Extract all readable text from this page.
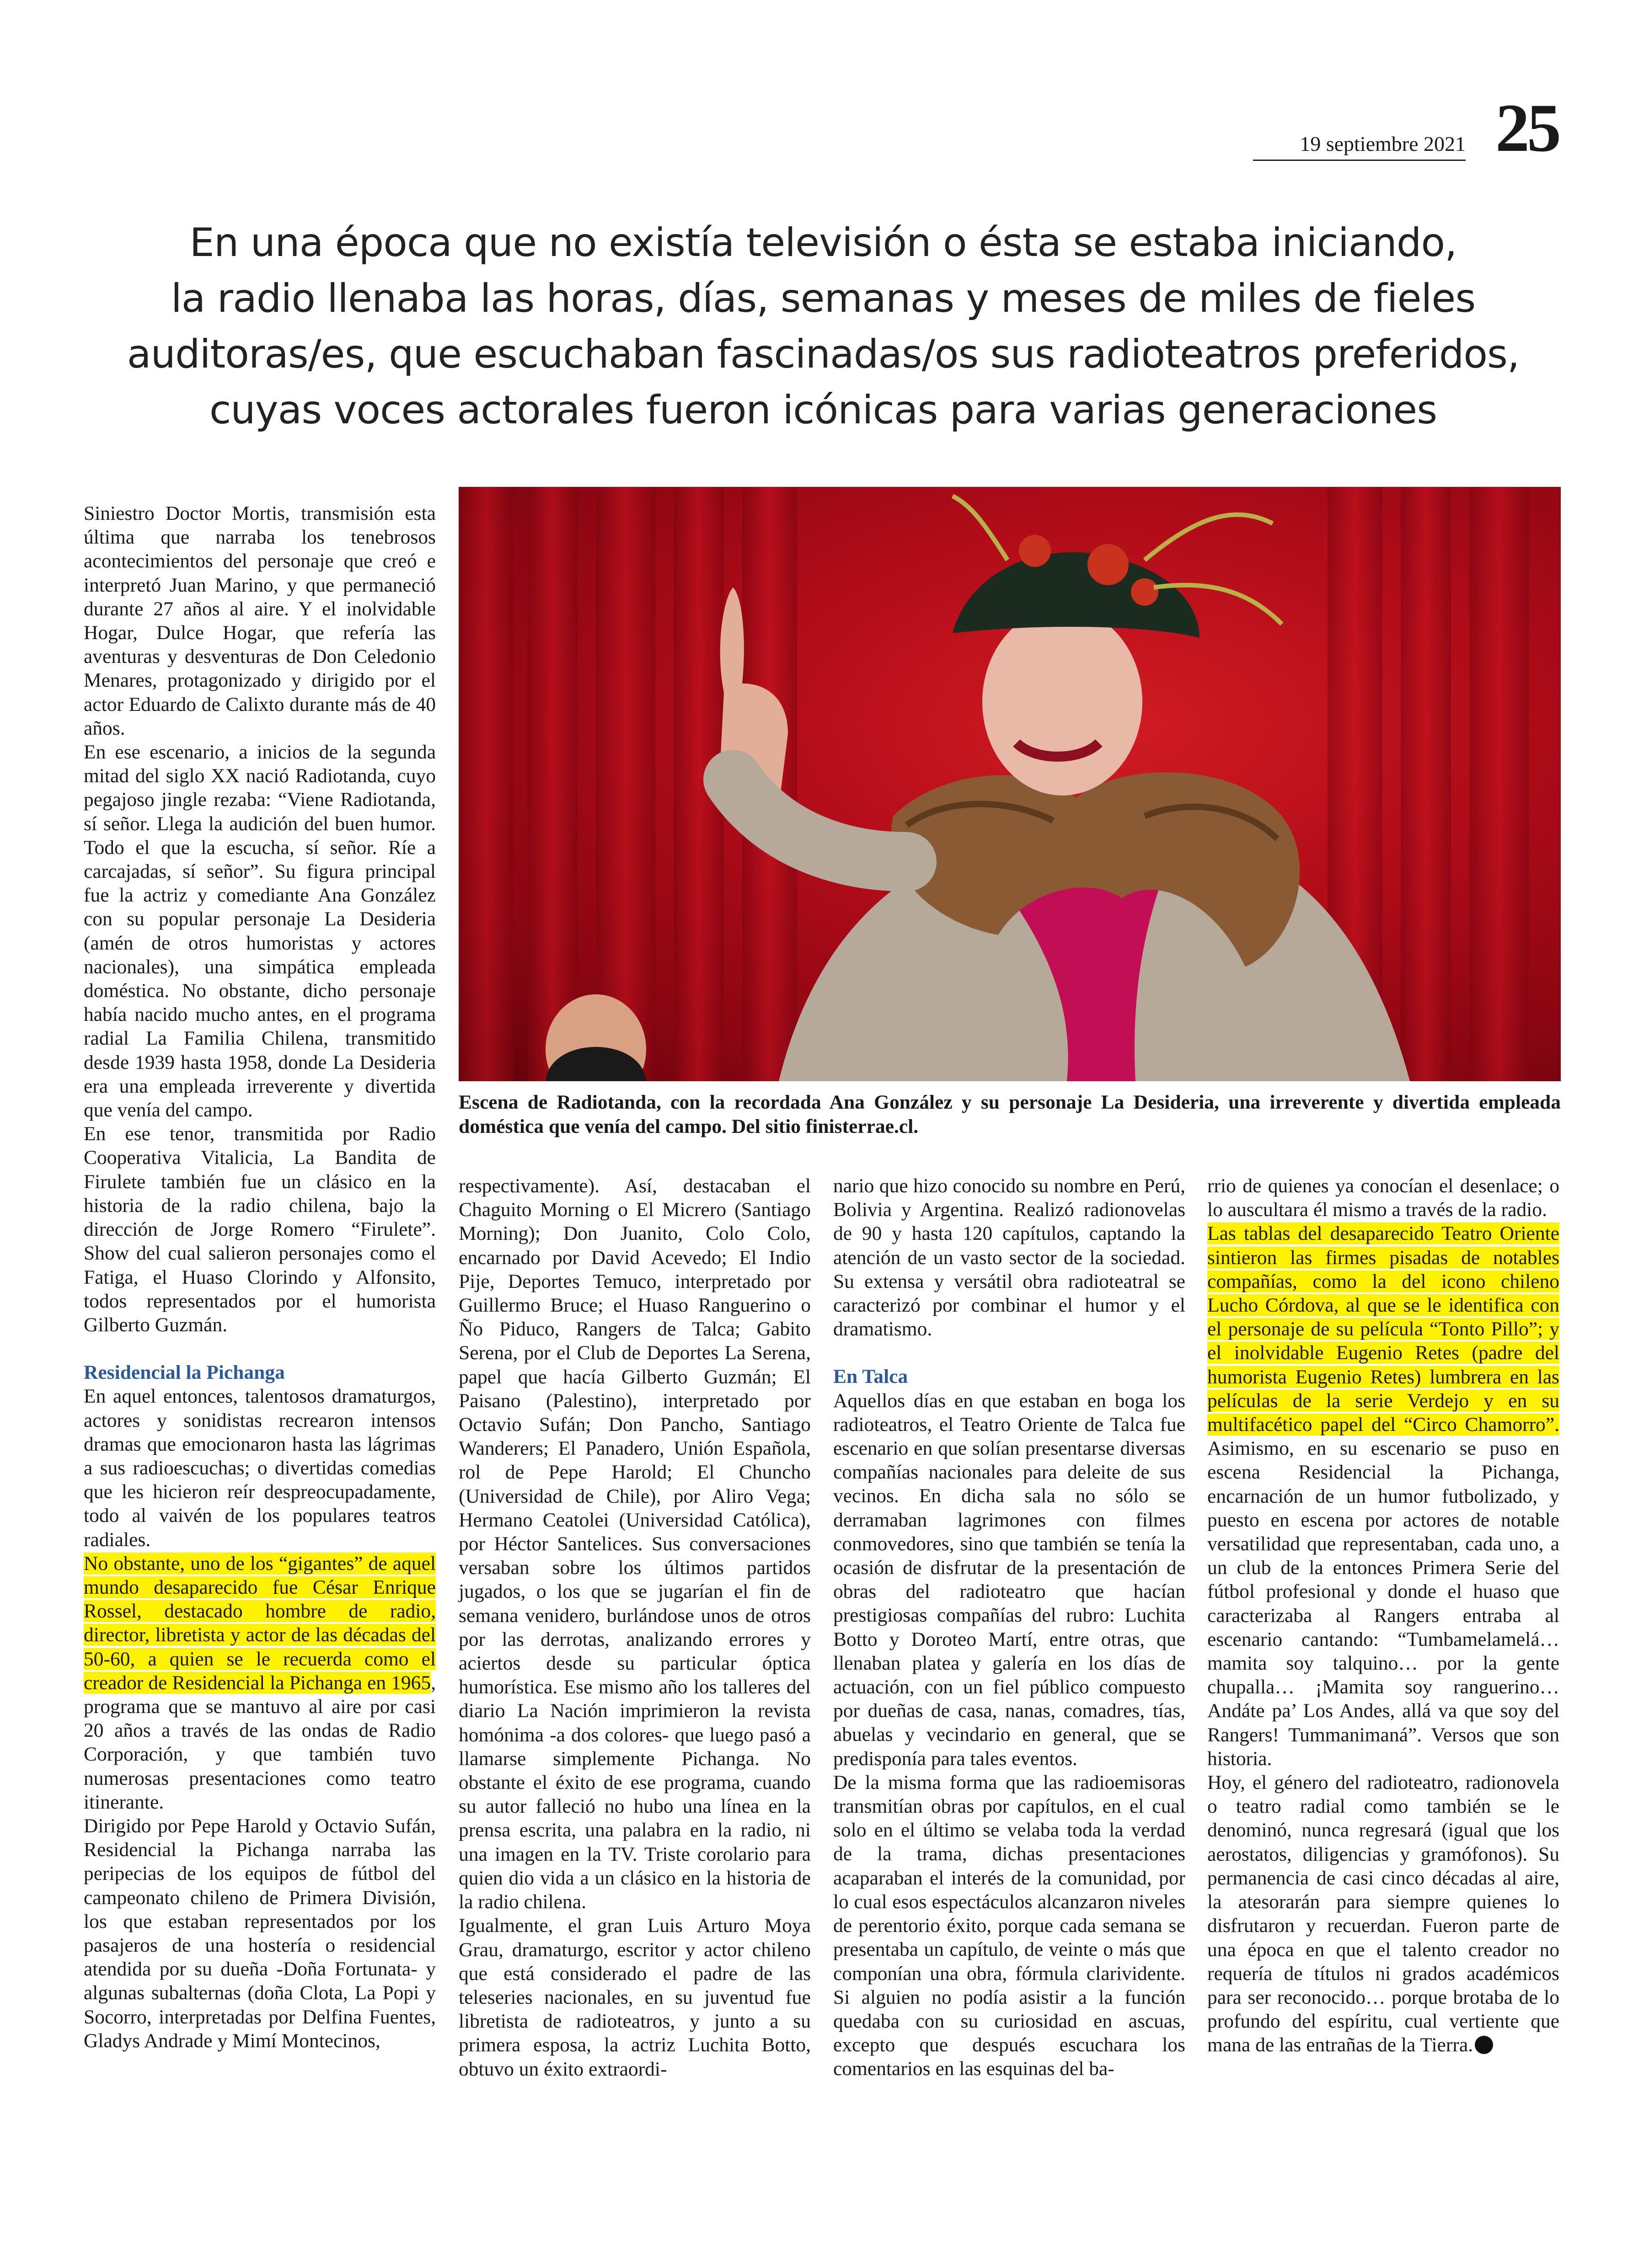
19 septiembre 2021 25
En una época que no existía televisión o ésta se estaba iniciando,
la radio llenaba las horas, días, semanas y meses de miles de fieles
auditoras/es, que escuchaban fascinadas/os sus radioteatros preferidos,
cuyas voces actorales fueron icónicas para varias generaciones
Escena de Radiotanda, con la recordada Ana González y su personaje La Desideria, una irreverente y divertida empleada doméstica que venía del campo. Del sitio finisterrae.cl.

Siniestro Doctor Mortis, transmisión esta última que narraba los tenebrosos acontecimientos del personaje que creó e interpretó Juan Marino, y que permaneció durante 27 años al aire. Y el inolvidable Hogar, Dulce Hogar, que refería las aventuras y desventuras de Don Celedonio Menares, protagonizado y dirigido por el actor Eduardo de Calixto durante más de 40 años.

En ese escenario, a inicios de la segunda mitad del siglo XX nació Radiotanda, cuyo pegajoso jingle rezaba: “Viene Radiotanda, sí señor. Llega la audición del buen humor. Todo el que la escucha, sí señor. Ríe a carcajadas, sí señor”. Su figura principal fue la actriz y comediante Ana González con su popular personaje La Desideria (amén de otros humoristas y actores nacionales), una simpática empleada doméstica. No obstante, dicho personaje había nacido mucho antes, en el programa radial La Familia Chilena, transmitido desde 1939 hasta 1958, donde La Desideria era una empleada irreverente y divertida que venía del campo.

En ese tenor, transmitida por Radio Cooperativa Vitalicia, La Bandita de Firulete también fue un clásico en la historia de la radio chilena, bajo la dirección de Jorge Romero “Firulete”. Show del cual salieron personajes como el Fatiga, el Huaso Clorindo y Alfonsito, todos representados por el humorista Gilberto Guzmán.

Residencial la Pichanga

En aquel entonces, talentosos dramaturgos, actores y sonidistas recrearon intensos dramas que emocionaron hasta las lágrimas a sus radioescuchas; o divertidas comedias que les hicieron reír despreocupadamente, todo al vaivén de los populares teatros radiales.

No obstante, uno de los “gigantes” de aquel mundo desaparecido fue César Enrique Rossel, destacado hombre de radio, director, libretista y actor de las décadas del 50-60, a quien se le recuerda como el creador de Residencial la Pichanga en 1965, programa que se mantuvo al aire por casi 20 años a través de las ondas de Radio Corporación, y que también tuvo numerosas presentaciones como teatro itinerante.

Dirigido por Pepe Harold y Octavio Sufán, Residencial la Pichanga narraba las peripecias de los equipos de fútbol del campeonato chileno de Primera División, los que estaban representados por los pasajeros de una hostería o residencial atendida por su dueña -Doña Fortunata- y algunas subalternas (doña Clota, La Popi y Socorro, interpretadas por Delfina Fuentes, Gladys Andrade y Mimí Montecinos,

respectivamente). Así, destacaban el Chaguito Morning o El Micrero (Santiago Morning); Don Juanito, Colo Colo, encarnado por David Acevedo; El Indio Pije, Deportes Temuco, interpretado por Guillermo Bruce; el Huaso Ranguerino o Ño Piduco, Rangers de Talca; Gabito Serena, por el Club de Deportes La Serena, papel que hacía Gilberto Guzmán; El Paisano (Palestino), interpretado por Octavio Sufán; Don Pancho, Santiago Wanderers; El Panadero, Unión Española, rol de Pepe Harold; El Chuncho (Universidad de Chile), por Aliro Vega; Hermano Ceatolei (Universidad Católica), por Héctor Santelices. Sus conversaciones versaban sobre los últimos partidos jugados, o los que se jugarían el fin de semana venidero, burlándose unos de otros por las derrotas, analizando errores y aciertos desde su particular óptica humorística. Ese mismo año los talleres del diario La Nación imprimieron la revista homónima -a dos colores- que luego pasó a llamarse simplemente Pichanga. No obstante el éxito de ese programa, cuando su autor falleció no hubo una línea en la prensa escrita, una palabra en la radio, ni una imagen en la TV. Triste corolario para quien dio vida a un clásico en la historia de la radio chilena.

Igualmente, el gran Luis Arturo Moya Grau, dramaturgo, escritor y actor chileno que está considerado el padre de las teleseries nacionales, en su juventud fue libretista de radioteatros, y junto a su primera esposa, la actriz Luchita Botto, obtuvo un éxito extraordi-

nario que hizo conocido su nombre en Perú, Bolivia y Argentina. Realizó radionovelas de 90 y hasta 120 capítulos, captando la atención de un vasto sector de la sociedad. Su extensa y versátil obra radioteatral se caracterizó por combinar el humor y el dramatismo.

En Talca

Aquellos días en que estaban en boga los radioteatros, el Teatro Oriente de Talca fue escenario en que solían presentarse diversas compañías nacionales para deleite de sus vecinos. En dicha sala no sólo se derramaban lagrimones con filmes conmovedores, sino que también se tenía la ocasión de disfrutar de la presentación de obras del radioteatro que hacían prestigiosas compañías del rubro: Luchita Botto y Doroteo Martí, entre otras, que llenaban platea y galería en los días de actuación, con un fiel público compuesto por dueñas de casa, nanas, comadres, tías, abuelas y vecindario en general, que se predisponía para tales eventos.

De la misma forma que las radioemisoras transmitían obras por capítulos, en el cual solo en el último se velaba toda la verdad de la trama, dichas presentaciones acaparaban el interés de la comunidad, por lo cual esos espectáculos alcanzaron niveles de perentorio éxito, porque cada semana se presentaba un capítulo, de veinte o más que componían una obra, fórmula clarividente. Si alguien no podía asistir a la función quedaba con su curiosidad en ascuas, excepto que después escuchara los comentarios en las esquinas del ba-

rrio de quienes ya conocían el desenlace; o lo auscultara él mismo a través de la radio.

Las tablas del desaparecido Teatro Oriente sintieron las firmes pisadas de notables compañías, como la del icono chileno Lucho Córdova, al que se le identifica con el personaje de su película “Tonto Pillo”; y el inolvidable Eugenio Retes (padre del humorista Eugenio Retes) lumbrera en las películas de la serie Verdejo y en su multifacético papel del “Circo Chamorro”. Asimismo, en su escenario se puso en escena Residencial la Pichanga, encarnación de un humor futbolizado, y puesto en escena por actores de notable versatilidad que representaban, cada uno, a un club de la entonces Primera Serie del fútbol profesional y donde el huaso que caracterizaba al Rangers entraba al escenario cantando: “Tumbamelamelá… mamita soy talquino… por la gente chupalla… ¡Mamita soy ranguerino… Andáte pa’ Los Andes, allá va que soy del Rangers! Tummanimaná”. Versos que son historia.

Hoy, el género del radioteatro, radionovela o teatro radial como también se le denominó, nunca regresará (igual que los aerostatos, diligencias y gramófonos). Su permanencia de casi cinco décadas al aire, la atesorarán para siempre quienes lo disfrutaron y recuerdan. Fueron parte de una época en que el talento creador no requería de títulos ni grados académicos para ser reconocido… porque brotaba de lo profundo del espíritu, cual vertiente que mana de las entrañas de la Tierra.
